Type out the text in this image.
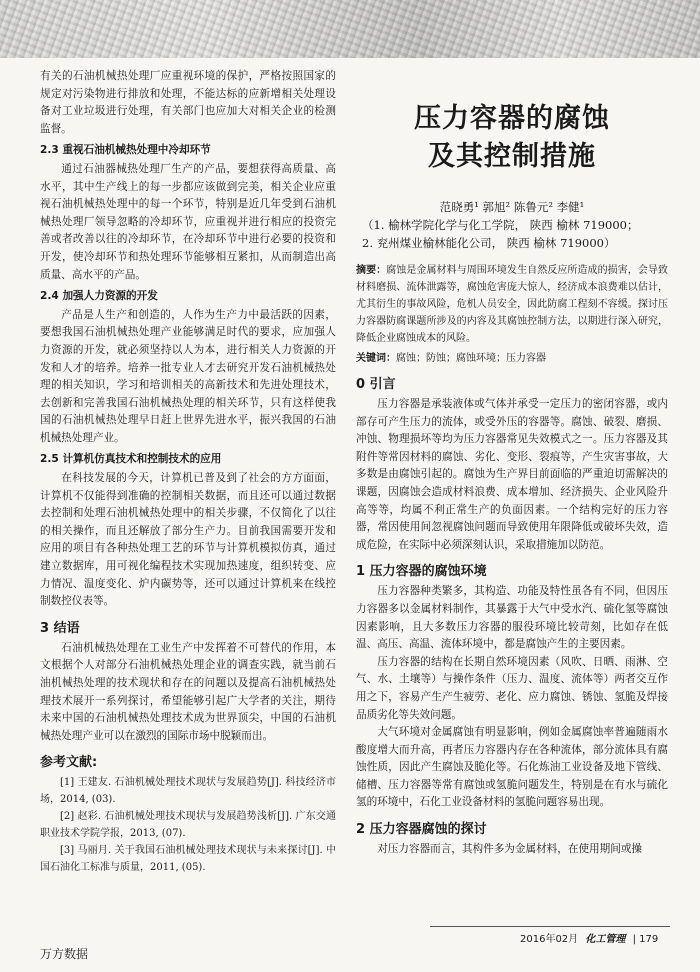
有关的石油机械热处理厂应重视环境的保护，严格按照国家的规定对污染物进行排放和处理，不能达标的应新增相关处理设备对工业垃圾进行处理，有关部门也应加大对相关企业的检测监督。

2.3 重视石油机械热处理中冷却环节

通过石油器械热处理厂生产的产品，要想获得高质量、高水平，其中生产线上的每一步都应该做到完美，相关企业应重视石油机械热处理中的每一个环节，特别是近几年受到石油机械热处理厂领导忽略的冷却环节，应重视并进行相应的投资完善或者改善以往的冷却环节，在冷却环节中进行必要的投资和开发，使冷却环节和热处理环节能够相互紧扣，从而制造出高质量、高水平的产品。

2.4 加强人力资源的开发

产品是人生产和创造的，人作为生产力中最活跃的因素，要想我国石油机械热处理产业能够满足时代的要求，应加强人力资源的开发，就必须坚持以人为本，进行相关人力资源的开发和人才的培养。培养一批专业人才去研究开发石油机械热处理的相关知识，学习和培训相关的高新技术和先进处理技术，去创新和完善我国石油机械热处理的相关环节，只有这样使我国的石油机械热处理早日赶上世界先进水平，振兴我国的石油机械热处理产业。

2.5 计算机仿真技术和控制技术的应用

在科技发展的今天，计算机已普及到了社会的方方面面，计算机不仅能得到准确的控制相关数据，而且还可以通过数据去控制和处理石油机械热处理中的相关步骤，不仅简化了以往的相关操作，而且还解放了部分生产力。目前我国需要开发和应用的项目有各种热处理工艺的环节与计算机模拟仿真，通过建立数据库，用可视化编程技术实现加热速度，组织转变、应力情况、温度变化、炉内碳势等，还可以通过计算机来在线控制数控仪表等。

3 结语

石油机械热处理在工业生产中发挥着不可替代的作用，本文根据个人对部分石油机械热处理企业的调查实践，就当前石油机械热处理的技术现状和存在的问题以及提高石油机械热处理技术展开一系列探讨，希望能够引起广大学者的关注，期待未来中国的石油机械热处理技术成为世界顶尖，中国的石油机械热处理产业可以在激烈的国际市场中脱颖而出。

参考文献:

[1] 王建友. 石油机械处理技术现状与发展趋势[J]. 科技经济市场，2014, (03).

[2] 赵彩. 石油机械处理技术现状与发展趋势浅析[J]. 广东交通职业技术学院学报，2013, (07).

[3] 马丽月. 关于我国石油机械处理技术现状与未来探讨[J]. 中国石油化工标准与质量，2011, (05).

压力容器的腐蚀
及其控制措施
范晓勇¹ 郭旭² 陈鲁元² 李健¹
（1. 榆林学院化学与化工学院， 陕西 榆林 719000；
2. 兖州煤业榆林能化公司， 陕西 榆林 719000）

摘要：腐蚀是金属材料与周围环境发生自然反应所造成的损害，会导致材料磨损、流体泄露等，腐蚀危害庞大惊人，经济成本浪费难以估计，尤其衍生的事故风险，危机人员安全，因此防腐工程刻不容缓。探讨压力容器防腐课题所涉及的内容及其腐蚀控制方法，以期进行深入研究，降低企业腐蚀成本的风险。

关键词：腐蚀；防蚀；腐蚀环境；压力容器

0 引言

压力容器是承装液体或气体并承受一定压力的密闭容器，或内部存可产生压力的流体，或受外压的容器等。腐蚀、破裂、磨损、冲蚀、物理损坏等均为压力容器常见失效模式之一。压力容器及其附件等常因材料的腐蚀、劣化、变形、裂痕等，产生灾害事故，大多数是由腐蚀引起的。腐蚀为生产界目前面临的严重迫切需解决的课题，因腐蚀会造成材料浪费、成本增加、经济损失、企业风险升高等等，均属不利正常生产的负面因素。一个结构完好的压力容器，常因使用间忽视腐蚀问题而导致使用年限降低或破坏失效，造成危险，在实际中必须深刻认识，采取措施加以防范。

1 压力容器的腐蚀环境

压力容器种类繁多，其构造、功能及特性虽各有不同，但因压力容器多以金属材料制作，其暴露于大气中受水汽、硫化氢等腐蚀因素影响，且大多数压力容器的服役环境比较苛刻，比如存在低温、高压、高温、流体环境中，都是腐蚀产生的主要因素。

压力容器的结构在长期自然环境因素（风吹、日晒、雨淋、空气、水、土壤等）与操作条件（压力、温度、流体等）两者交互作用之下，容易产生产生疲劳、老化、应力腐蚀、锈蚀、氢脆及焊接品质劣化等失效问题。

大气环境对金属腐蚀有明显影响，例如金属腐蚀率普遍随雨水酸度增大而升高，再者压力容器内存在各种流体，部分流体具有腐蚀性质，因此产生腐蚀及脆化等。石化炼油工业设备及地下管线、储槽、压力容器等常有腐蚀或氢脆问题发生，特别是在有水与硫化氢的环境中，石化工业设备材料的氢脆问题容易出现。

2 压力容器腐蚀的探讨

对压力容器而言，其构件多为金属材料，在使用期间或操

2016年02月 化工管理 | 179
万方数据
